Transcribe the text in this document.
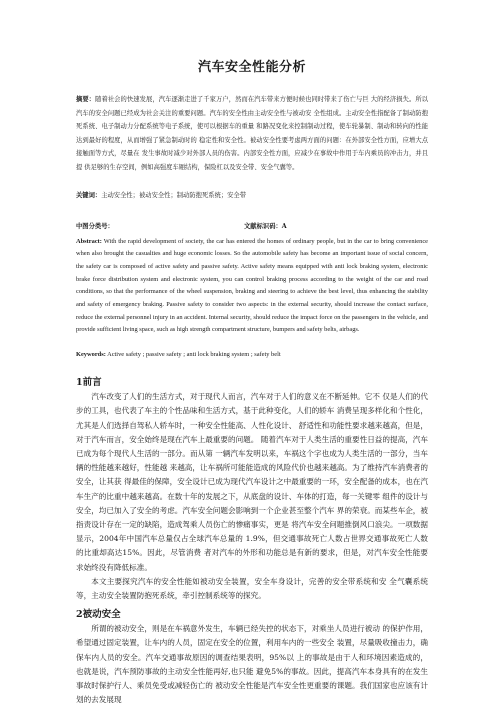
汽车安全性能分析

摘要：随着社会的快速发展，汽车逐渐走进了千家万户，然而在汽车带来方便时候也同时带来了伤亡与巨 大的经济损失。所以汽车的安全问题已经成为社会关注的重要问题。汽车的安全性由主动安全性与被动安 全性组成。主动安全性指配备了制动防抱死系统、电子制动力分配系统等电子系统，使可以根据车的重量 和路况变化来控制制动过程，使车轮暴制、制动和转向的性能达到最好的程度，从而增强了紧急制动时的 稳定性和安全性。被动安全性要考虑两方面的问题：在外部安全性方面，应增大点接触面等方式，尽量在 发生事故时减少对外部人员的伤害。内部安全性方面，应减少在事故中作用于车内乘员的冲击力，并且提 供足够的生存空间，例如高强度车厢结构，保险杠以及安全带、安全气囊等。

关键词：主动安全性；被动安全性；制动防抱死系统；安全带

中图分类号：	文献标识码：A

Abstract: With the rapid development of society, the car has entered the homes of ordinary people, but in the car to bring convenience when also brought the casualties and huge economic losses. So the automobile safety has become an important issue of social concern, the safety car is composed of active safety and passive safety. Active safety means equipped with anti lock braking system, electronic brake force distribution system and electronic system, you can control braking process according to the weight of the car and road conditions, so that the performance of the wheel suspension, braking and steering to achieve the best level, thus enhancing the stability and safety of emergency braking. Passive safety to consider two aspects: in the external security, should increase the contact surface, reduce the external personnel injury in an accident. Internal security, should reduce the impact force on the passengers in the vehicle, and provide sufficient living space, such as high strength compartment structure, bumpers and safety belts, airbags.

Keywords: Active safety ; passive safety ; anti lock braking system ; safety belt

1前言

汽车改变了人们的生活方式，对于现代人而言，汽车对于人们的意义在不断延伸。它不 仅是人们的代步的工具，也代表了车主的个性品味和生活方式，基于此种变化，人们的轿车 消费呈现多样化和个性化，尤其是人们选择自驾私人轿车时，一种安全性能高、人性化设计、 舒适性和功能性要求越来越高，但是，对于汽车而言，安全始终是现在汽车上最重要的问题。 随着汽车对于人类生活的重要性日益的提高，汽车已成为每个现代人生活的一部分。而从第 一辆汽车发明以来，车祸这个字也成为人类生活的一部分，当车辆的性能越来越好，性能越 来越高，让车祸所可能能造成的风险代价也越来越高。为了维持汽车消费者的安全，让其获 得最佳的保障，安全设计已成为现代汽车设计之中最重要的一环，安全配备的成本，也在汽 车生产的比重中越来越高。在数十年的发展之下，从底盘的设计、车体的打造，每一关键零 组件的设计与安全，均已加入了安全的考虑。汽车安全问题会影响到一个企业甚至整个汽车 界的荣衰。而某些车企，被指责设计存在一定的缺陷，造成驾乘人员伤亡的惨痛事实，更是 将汽车安全问题推倒风口浪尖。一项数据显示，2004年中国汽车总量仅占全球汽车总量的 1.9%，但交通事故死亡人数占世界交通事故死亡人数的比重却高达15%。因此，尽管消费 者对汽车的外形和功能总是有新的要求，但是，对汽车安全性能要求始终没有降低标准。

本文主要探究汽车的安全性能如被动安全装置，安全车身设计，完善的安全带系统和安 全气囊系统等，主动安全装置防抱死系统，牵引控制系统等的探究。

2被动安全

所谓的被动安全，则是在车祸意外发生，车辆已经失控的状态下，对乘坐人员进行被动 的保护作用，希望通过固定装置，让车内的人员，固定在安全的位置，利用车内的一些安全 装置，尽量吸收撞击力，确保车内人员的安全。汽车交通事故原因的调查结果表明，95%以 上的事故是由于人和环境因素造成的，也就是说，汽车预防事故的主动安全性能再好,也只能 避免5%的事故。因此，提高汽车本身具有的在发生事故时保护行人、乘员免受或减轻伤亡的 被动安全性能是汽车安全性更重要的课题。我们国家也应该有计划的去发展现
